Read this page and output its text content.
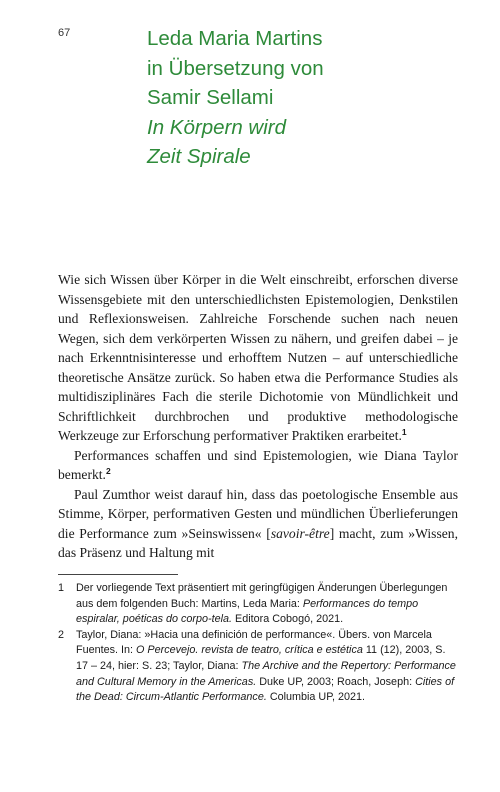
67	Leda Maria Martins
in Übersetzung von
Samir Sellami
In Körpern wird
Zeit Spirale

Wie sich Wissen über Körper in die Welt einschreibt, erforschen diverse Wissensgebiete mit den unterschiedlichsten Epistemologien, Denkstilen und Reflexionsweisen. Zahlreiche Forschende suchen nach neuen Wegen, sich dem verkörperten Wissen zu nähern, und greifen dabei – je nach Erkenntnisinteresse und erhofftem Nutzen – auf unterschiedliche theoretische Ansätze zurück. So haben etwa die Performance Studies als multidisziplinäres Fach die sterile Dichotomie von Mündlichkeit und Schriftlichkeit durchbrochen und produktive methodologische Werkzeuge zur Erforschung performativer Praktiken erarbeitet.$^1$

Performances schaffen und sind Epistemologien, wie Diana Taylor bemerkt.$^2$

Paul Zumthor weist darauf hin, dass das poetologische Ensemble aus Stimme, Körper, performativen Gesten und mündlichen Überlieferungen die Performance zum »Seinswissen« [savoir-être] macht, zum »Wissen, das Präsenz und Haltung mit

1	Der vorliegende Text präsentiert mit geringfügigen Änderungen Überlegungen aus dem folgenden Buch: Martins, Leda Maria: Performances do tempo espiralar, poéticas do corpo-tela. Editora Cobogó, 2021.
2	Taylor, Diana: »Hacia una definición de performance«. Übers. von Marcela Fuentes. In: O Percevejo. revista de teatro, crítica e estética 11 (12), 2003, S. 17 – 24, hier: S. 23; Taylor, Diana: The Archive and the Repertory: Performance and Cultural Memory in the Americas. Duke UP, 2003; Roach, Joseph: Cities of the Dead: Circum-Atlantic Performance. Columbia UP, 2021.
